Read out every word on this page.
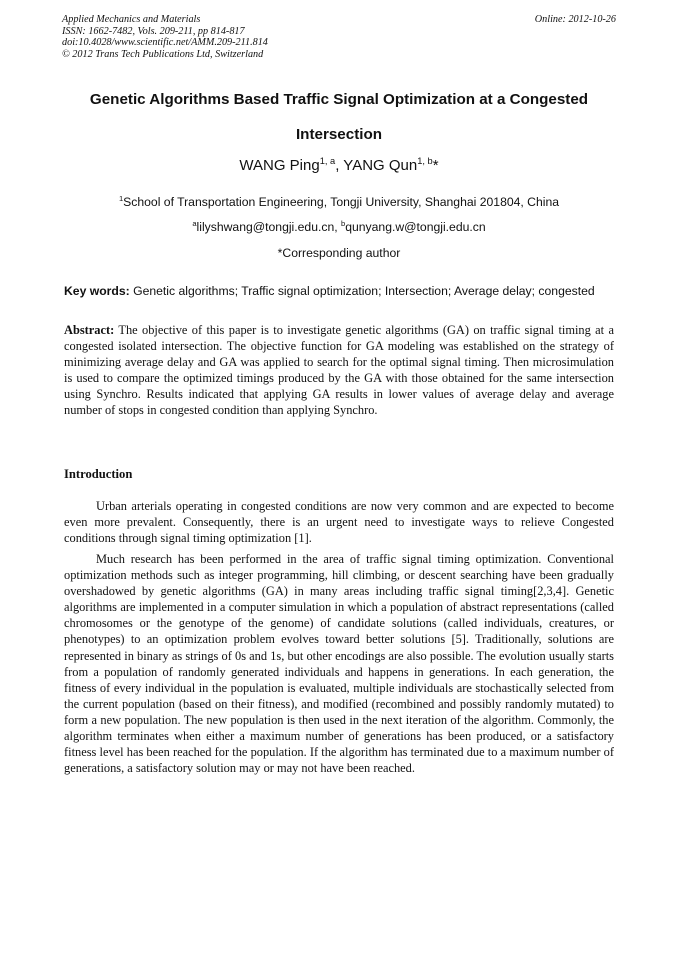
Applied Mechanics and Materials
ISSN: 1662-7482, Vols. 209-211, pp 814-817
doi:10.4028/www.scientific.net/AMM.209-211.814
© 2012 Trans Tech Publications Ltd, Switzerland
Online: 2012-10-26
Genetic Algorithms Based Traffic Signal Optimization at a Congested
Intersection
WANG Ping$^{1, a}$, YANG Qun$^{1, b}$*
$^1$School of Transportation Engineering, Tongji University, Shanghai 201804, China
$^a$lilyshwang@tongji.edu.cn, $^b$qunyang.w@tongji.edu.cn
*Corresponding author
Key words: Genetic algorithms; Traffic signal optimization; Intersection; Average delay; congested
Abstract: The objective of this paper is to investigate genetic algorithms (GA) on traffic signal timing at a congested isolated intersection. The objective function for GA modeling was established on the strategy of minimizing average delay and GA was applied to search for the optimal signal timing. Then microsimulation is used to compare the optimized timings produced by the GA with those obtained for the same intersection using Synchro. Results indicated that applying GA results in lower values of average delay and average number of stops in congested condition than applying Synchro.
Introduction
Urban arterials operating in congested conditions are now very common and are expected to become even more prevalent. Consequently, there is an urgent need to investigate ways to relieve Congested conditions through signal timing optimization [1].
Much research has been performed in the area of traffic signal timing optimization. Conventional optimization methods such as integer programming, hill climbing, or descent searching have been gradually overshadowed by genetic algorithms (GA) in many areas including traffic signal timing[2,3,4]. Genetic algorithms are implemented in a computer simulation in which a population of abstract representations (called chromosomes or the genotype of the genome) of candidate solutions (called individuals, creatures, or phenotypes) to an optimization problem evolves toward better solutions [5]. Traditionally, solutions are represented in binary as strings of 0s and 1s, but other encodings are also possible. The evolution usually starts from a population of randomly generated individuals and happens in generations. In each generation, the fitness of every individual in the population is evaluated, multiple individuals are stochastically selected from the current population (based on their fitness), and modified (recombined and possibly randomly mutated) to form a new population. The new population is then used in the next iteration of the algorithm. Commonly, the algorithm terminates when either a maximum number of generations has been produced, or a satisfactory fitness level has been reached for the population. If the algorithm has terminated due to a maximum number of generations, a satisfactory solution may or may not have been reached.
